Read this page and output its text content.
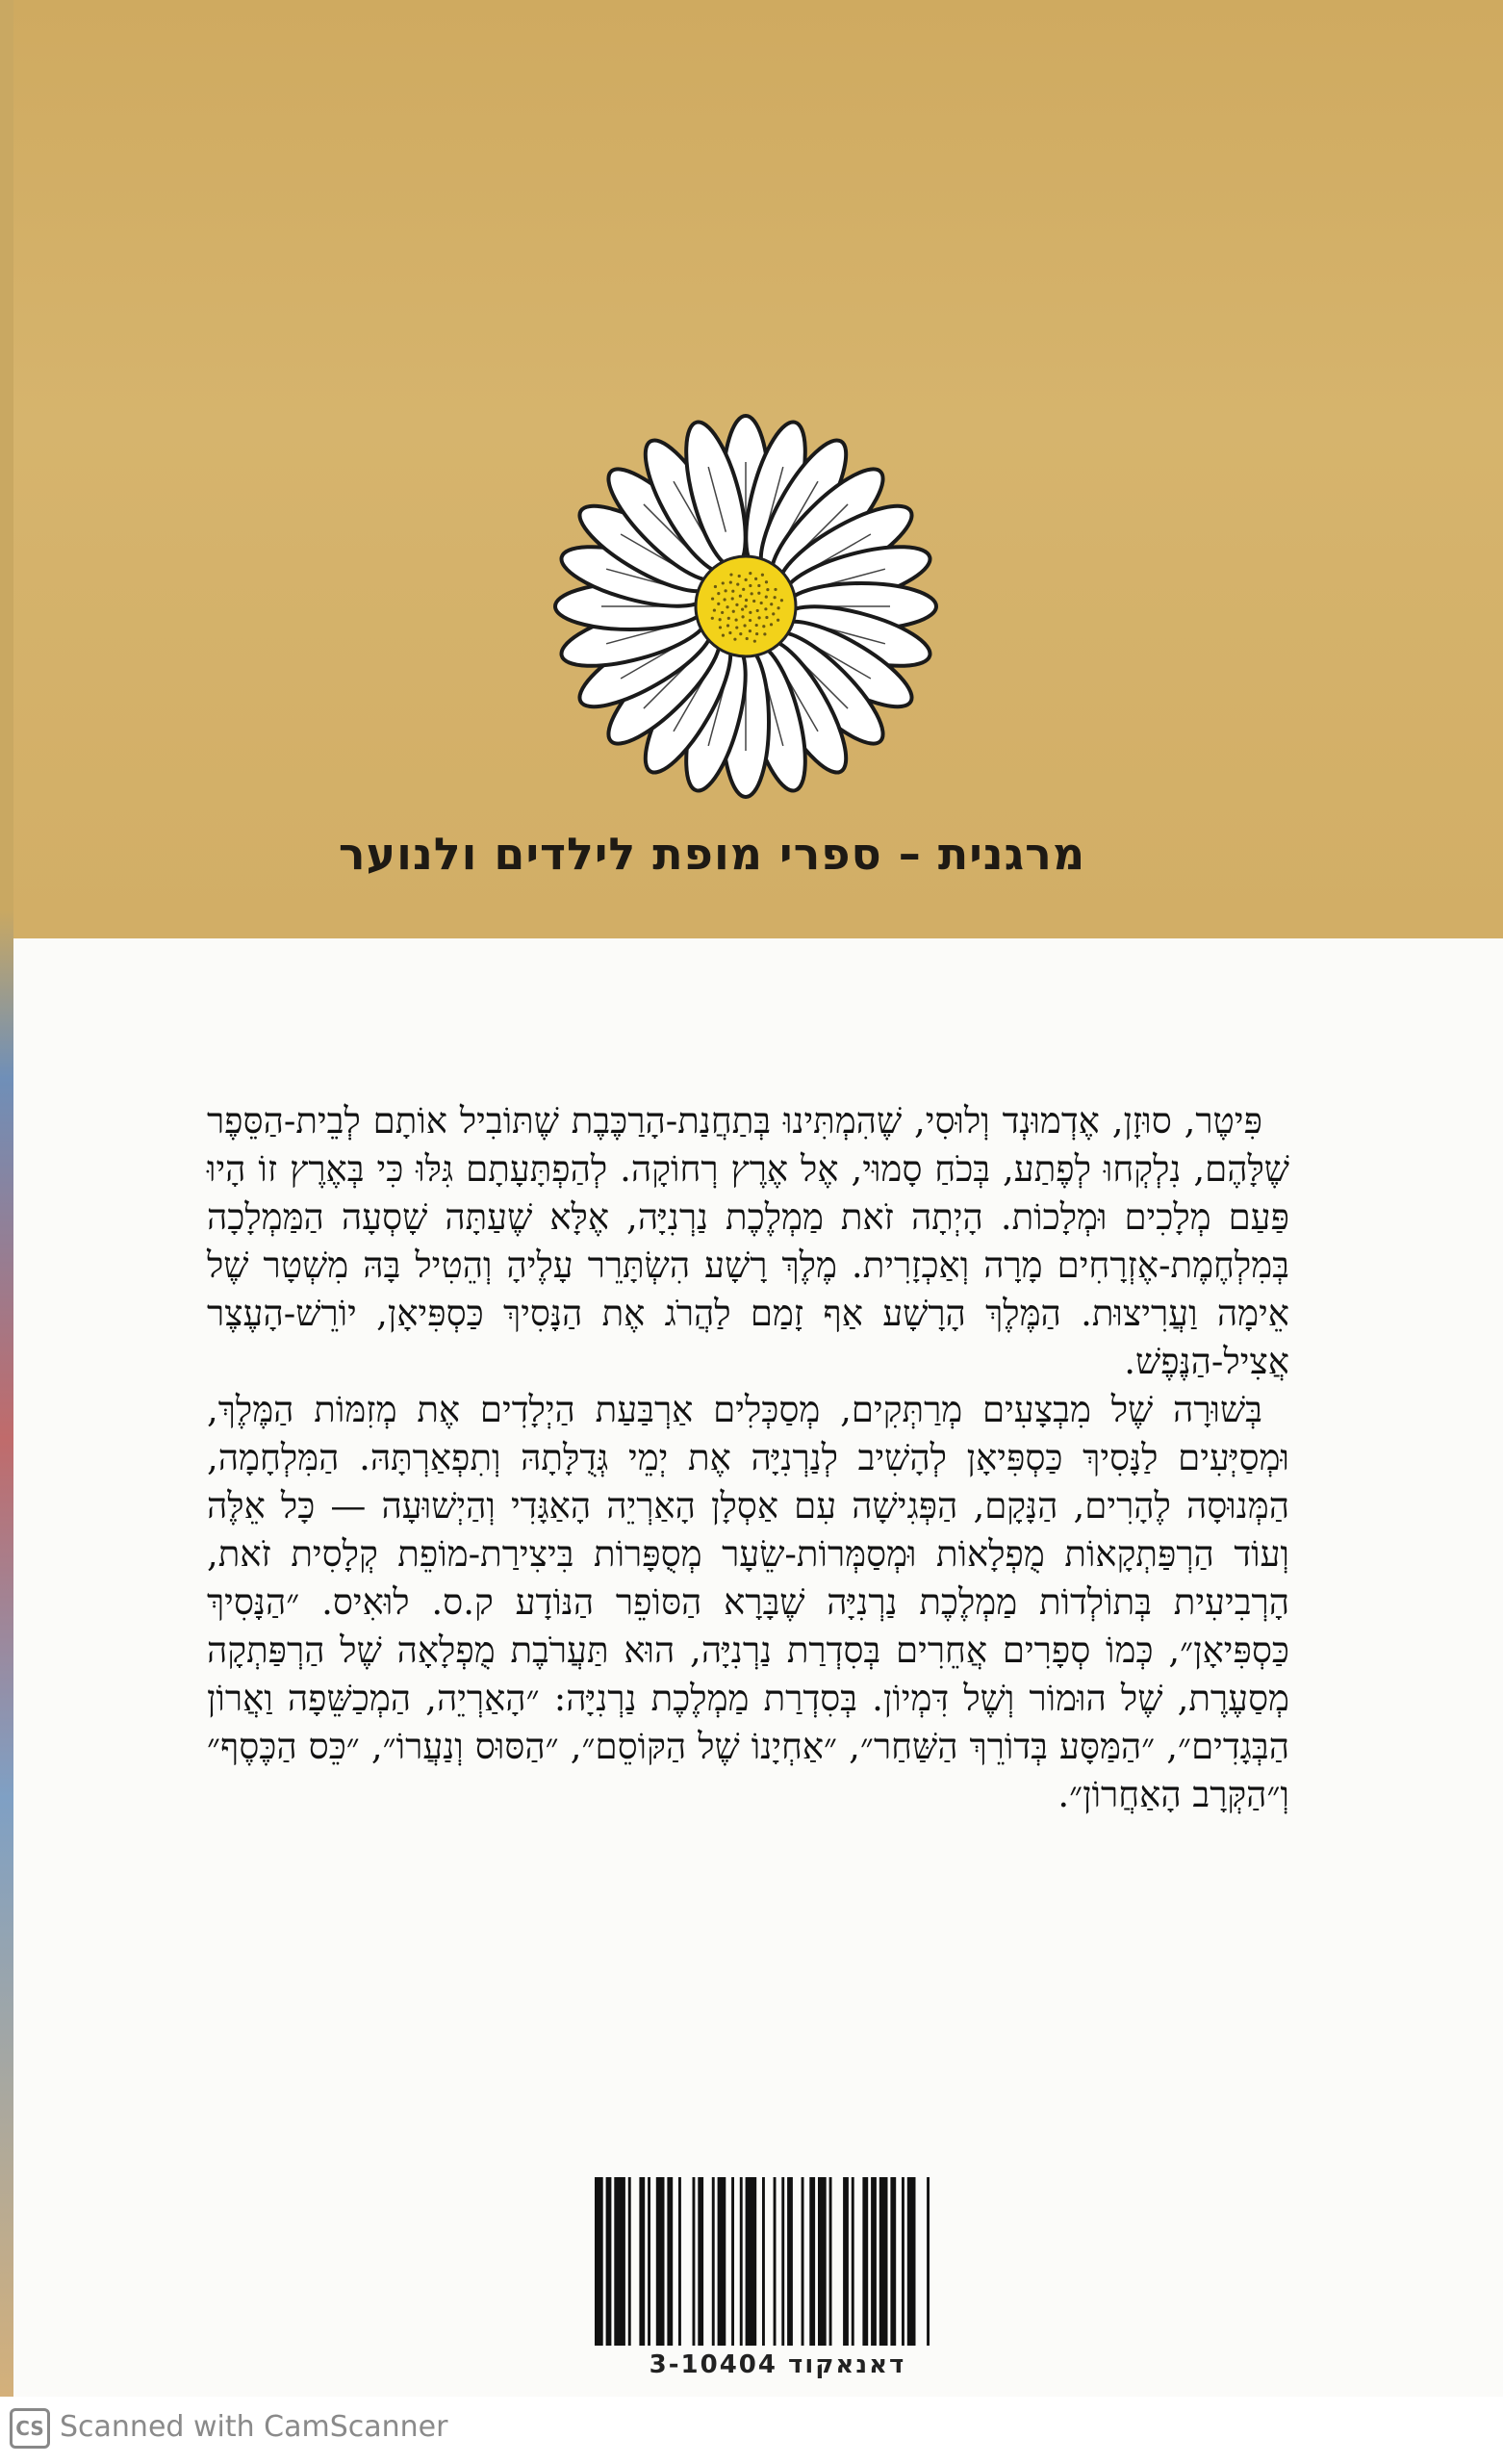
מרגנית – ספרי מופת לילדים ולנוער

פִּיטֶר, סוּזָן, אֶדְמוּנְד וְלוּסִי, שֶׁהִמְתִּינוּ בְּתַחֲנַת-הָרַכֶּבֶת שֶׁתּוֹבִיל אוֹתָם לְבֵית-הַסֵּפֶר שֶׁלָּהֶם, נִלְקְחוּ לְפֶתַע, בְּכֹחַ סָמוּי, אֶל אֶרֶץ רְחוֹקָה. לְהַפְתָּעָתָם גִּלּוּ כִּי בְּאֶרֶץ זוֹ הָיוּ פַּעַם מְלָכִים וּמְלָכוֹת. הָיְתָה זֹאת מַמְלֶכֶת נַרְנִיָּה, אֶלָּא שֶׁעַתָּה שָׁסְעָה הַמַּמְלָכָה בְּמִלְחֶמֶת-אֶזְרָחִים מָרָה וְאַכְזָרִית. מֶלֶךְ רָשָׁע הִשְׂתָּרֵר עָלֶיהָ וְהֵטִיל בָּהּ מִשְׁטָר שֶׁל אֵימָה וַעֲרִיצוּת. הַמֶּלֶךְ הָרָשָׁע אַף זָמַם לַהֲרֹג אֶת הַנָּסִיךְ כַּסְפִּיאָן, יוֹרֵשׁ-הָעֶצֶר אֲצִיל-הַנֶּפֶשׁ.

בְּשׁוּרָה שֶׁל מִבְצָעִים מְרַתְּקִים, מְסַכְּלִים אַרְבַּעַת הַיְלָדִים אֶת מְזִמּוֹת הַמֶּלֶךְ, וּמְסַיְּעִים לַנָּסִיךְ כַּסְפִּיאָן לְהָשִׁיב לְנַרְנִיָּה אֶת יְמֵי גְּדֻלָּתָהּ וְתִפְאַרְתָּהּ. הַמִּלְחָמָה, הַמְּנוּסָה לֶהָרִים, הַנָּקָם, הַפְּגִישָׁה עִם אַסְלָן הָאַרְיֵה הָאַגָּדִי וְהַיְשׁוּעָה — כָּל אֵלֶּה וְעוֹד הַרְפַּתְקָאוֹת מֻפְלָאוֹת וּמְסַמְּרוֹת-שֵׂעָר מְסֻפָּרוֹת בִּיצִירַת-מוֹפֵת קְלָסִית זֹאת, הָרְבִיעִית בְּתוֹלְדוֹת מַמְלֶכֶת נַרְנִיָּה שֶׁבָּרָא הַסּוֹפֵר הַנּוֹדָע ק.ס. לוּאִיס. ״הַנָּסִיךְ כַּסְפִּיאָן״, כְּמוֹ סְפָרִים אֲחֵרִים בְּסִדְרַת נַרְנִיָּה, הוּא תַּעֲרֹבֶת מֻפְלָאָה שֶׁל הַרְפַּתְקָה מְסַעֶרֶת, שֶׁל הוּמוֹר וְשֶׁל דִּמְיוֹן. בְּסִדְרַת מַמְלֶכֶת נַרְנִיָּה: ״הָאַרְיֵה, הַמְכַשֵּׁפָה וַאֲרוֹן הַבְּגָדִים״, ״הַמַּסָּע בְּדוֹרֵךְ הַשַּׁחַר״, ״אַחְיָנוֹ שֶׁל הַקּוֹסֵם״, ״הַסּוּס וְנַעֲרוֹ״, ״כֵּס הַכֶּסֶף״ וְ״הַקְּרָב הָאַחֲרוֹן״.

דאנאקוד 3-10404
CS Scanned with CamScanner
